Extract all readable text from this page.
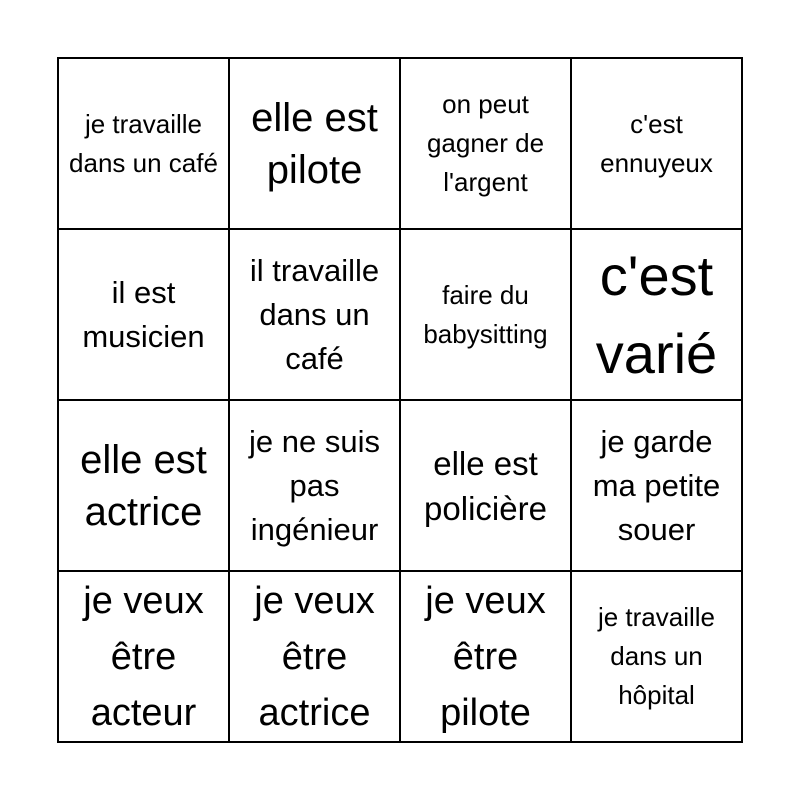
je travaille dans un café
elle est pilote
on peut gagner de l'argent
c'est ennuyeux
il est musicien
il travaille dans un café
faire du babysitting
c'est varié
elle est actrice
je ne suis pas ingénieur
elle est policière
je garde ma petite souer
je veux être acteur
je veux être actrice
je veux être pilote
je travaille dans un hôpital
